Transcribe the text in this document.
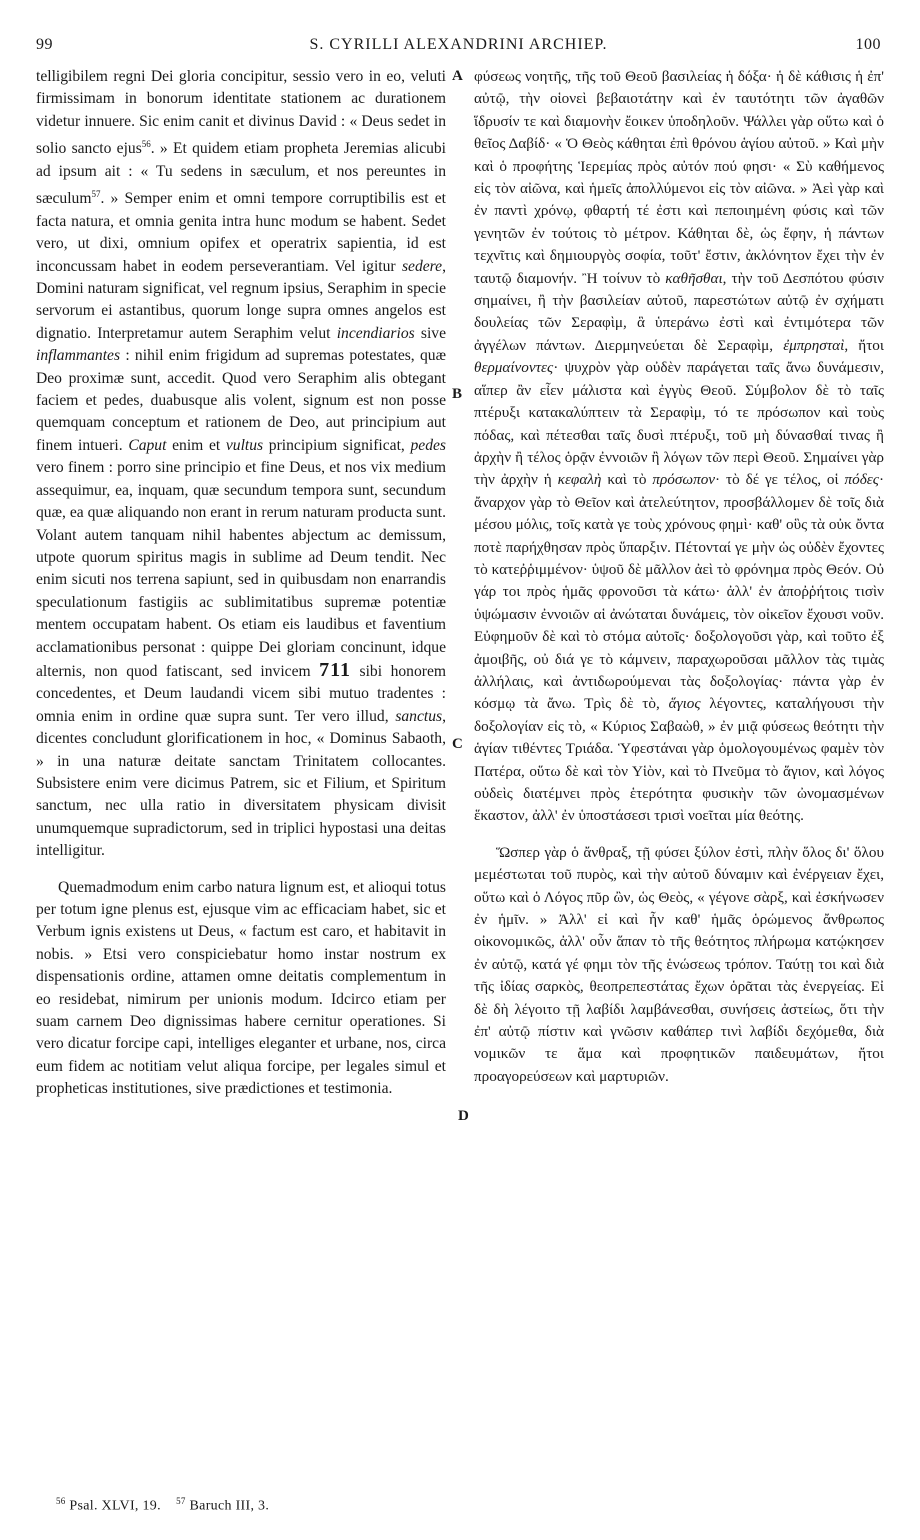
99	S. CYRILLI ALEXANDRINI ARCHIEP.	100

telligibilem regni Dei gloria concipitur, sessio vero in eo, veluti firmissimam in bonorum identitate stationem ac durationem videtur innuere. Sic enim canit et divinus David : « Deus sedet in solio sancto ejus$^{56}$. » Et quidem etiam propheta Jeremias alicubi ad ipsum ait : « Tu sedens in sæculum, et nos pereuntes in sæculum$^{57}$. » Semper enim et omni tempore corruptibilis est et facta natura, et omnia genita intra hunc modum se habent. Sedet vero, ut dixi, omnium opifex et operatrix sapientia, id est inconcussam habet in eodem perseverantiam. Vel igitur sedere, Domini naturam significat, vel regnum ipsius, Seraphim in specie servorum ei astantibus, quorum longe supra omnes angelos est dignatio. Interpretamur autem Seraphim velut incendiarios sive inflammantes : nihil enim frigidum ad supremas potestates, quæ Deo proximæ sunt, accedit. Quod vero Seraphim alis obtegant faciem et pedes, duabusque alis volent, signum est non posse quemquam conceptum et rationem de Deo, aut principium aut finem intueri. Caput enim et vultus principium significat, pedes vero finem : porro sine principio et fine Deus, et nos vix medium assequimur, ea, inquam, quæ secundum tempora sunt, secundum quæ, ea quæ aliquando non erant in rerum naturam producta sunt. Volant autem tanquam nihil habentes abjectum ac demissum, utpote quorum spiritus magis in sublime ad Deum tendit. Nec enim sicuti nos terrena sapiunt, sed in quibusdam non enarrandis speculationum fastigiis ac sublimitatibus supremæ potentiæ mentem occupatam habent. Os etiam eis laudibus et faventium acclamationibus personat : quippe Dei gloriam concinunt, idque alternis, non quod fatiscant, sed invicem 711 sibi honorem concedentes, et Deum laudandi vicem sibi mutuo tradentes : omnia enim in ordine quæ supra sunt. Ter vero illud, sanctus, dicentes concludunt glorificationem in hoc, « Dominus Sabaoth, » in una naturæ deitate sanctam Trinitatem collocantes. Subsistere enim vere dicimus Patrem, sic et Filium, et Spiritum sanctum, nec ulla ratio in diversitatem physicam divisit unumquemque supradictorum, sed in triplici hypostasi una deitas intelligitur.

Quemadmodum enim carbo natura lignum est, et alioqui totus per totum igne plenus est, ejusque vim ac efficaciam habet, sic et Verbum ignis existens ut Deus, « factum est caro, et habitavit in nobis. » Etsi vero conspiciebatur homo instar nostrum ex dispensationis ordine, attamen omne deitatis complementum in eo residebat, nimirum per unionis modum. Idcirco etiam per suam carnem Deo dignissimas habere cernitur operationes. Si vero dicatur forcipe capi, intelliges eleganter et urbane, nos, circa eum fidem ac notitiam velut aliqua forcipe, per legales simul et propheticas institutiones, sive prædictiones et testimonia.

A
B
C
D

φύσεως νοητῆς, τῆς τοῦ Θεοῦ βασιλείας ἡ δόξα· ἡ δὲ κάθισις ἡ ἐπ' αὐτῷ, τὴν οἱονεὶ βεβαιοτάτην καὶ ἐν ταυτότητι τῶν ἀγαθῶν ἵδρυσίν τε καὶ διαμονὴν ἔοικεν ὑποδηλοῦν. Ψάλλει γὰρ οὕτω καὶ ὁ θεῖος Δαβίδ· « Ὁ Θεὸς κάθηται ἐπὶ θρόνου ἁγίου αὐτοῦ. » Καὶ μὴν καὶ ὁ προφήτης Ἱερεμίας πρὸς αὐτόν πού φησι· « Σὺ καθήμενος εἰς τὸν αἰῶνα, καὶ ἡμεῖς ἀπολλύμενοι εἰς τὸν αἰῶνα. » Ἀεὶ γὰρ καὶ ἐν παντὶ χρόνῳ, φθαρτή τέ ἐστι καὶ πεποιημένη φύσις καὶ τῶν γενητῶν ἐν τούτοις τὸ μέτρον. Κάθηται δὲ, ὡς ἔφην, ἡ πάντων τεχνῖτις καὶ δημιουργὸς σοφία, τοῦτ' ἔστιν, ἀκλόνητον ἔχει τὴν ἐν ταυτῷ διαμονήν. Ἢ τοίνυν τὸ καθῆσθαι, τὴν τοῦ Δεσπότου φύσιν σημαίνει, ἢ τὴν βασιλείαν αὐτοῦ, παρεστώτων αὐτῷ ἐν σχήματι δουλείας τῶν Σεραφὶμ, ἃ ὑπεράνω ἐστὶ καὶ ἐντιμότερα τῶν ἀγγέλων πάντων. Διερμηνεύεται δὲ Σεραφὶμ, ἐμπρησταὶ, ἤτοι θερμαίνοντες· ψυχρὸν γὰρ οὐδὲν παράγεται ταῖς ἄνω δυνάμεσιν, αἵπερ ἂν εἶεν μάλιστα καὶ ἐγγὺς Θεοῦ. Σύμβολον δὲ τὸ ταῖς πτέρυξι κατακαλύπτειν τὰ Σεραφὶμ, τό τε πρόσωπον καὶ τοὺς πόδας, καὶ πέτεσθαι ταῖς δυσὶ πτέρυξι, τοῦ μὴ δύνασθαί τινας ἢ ἀρχὴν ἢ τέλος ὁρᾷν ἐννοιῶν ἢ λόγων τῶν περὶ Θεοῦ. Σημαίνει γὰρ τὴν ἀρχὴν ἡ κεφαλὴ καὶ τὸ πρόσωπον· τὸ δέ γε τέλος, οἱ πόδες· ἄναρχον γὰρ τὸ Θεῖον καὶ ἀτελεύτητον, προσβάλλομεν δὲ τοῖς διὰ μέσου μόλις, τοῖς κατὰ γε τοὺς χρόνους φημὶ· καθ' οὓς τὰ οὐκ ὄντα ποτὲ παρήχθησαν πρὸς ὕπαρξιν. Πέτονταί γε μὴν ὡς οὐδὲν ἔχοντες τὸ κατεῤῥιμμένον· ὑψοῦ δὲ μᾶλλον ἀεὶ τὸ φρόνημα πρὸς Θεόν. Οὐ γάρ τοι πρὸς ἡμᾶς φρονοῦσι τὰ κάτω· ἀλλ' ἐν ἀποῤῥήτοις τισὶν ὑψώμασιν ἐννοιῶν αἱ ἀνώταται δυνάμεις, τὸν οἰκεῖον ἔχουσι νοῦν. Εὐφημοῦν δὲ καὶ τὸ στόμα αὐτοῖς· δοξολογοῦσι γὰρ, καὶ τοῦτο ἐξ ἀμοιβῆς, οὐ διά γε τὸ κάμνειν, παραχωροῦσαι μᾶλλον τὰς τιμὰς ἀλλήλαις, καὶ ἀντιδωρούμεναι τὰς δοξολογίας· πάντα γὰρ ἐν κόσμῳ τὰ ἄνω. Τρὶς δὲ τὸ, ἅγιος λέγοντες, καταλήγουσι τὴν δοξολογίαν εἰς τὸ, « Κύριος Σαβαὼθ, » ἐν μιᾷ φύσεως θεότητι τὴν ἁγίαν τιθέντες Τριάδα. Ὑφεστάναι γὰρ ὁμολογουμένως φαμὲν τὸν Πατέρα, οὕτω δὲ καὶ τὸν Υἱὸν, καὶ τὸ Πνεῦμα τὸ ἅγιον, καὶ λόγος οὐδεὶς διατέμνει πρὸς ἑτερότητα φυσικὴν τῶν ὠνομασμένων ἕκαστον, ἀλλ' ἐν ὑποστάσεσι τρισὶ νοεῖται μία θεότης.

Ὥσπερ γὰρ ὁ ἄνθραξ, τῇ φύσει ξύλον ἐστὶ, πλὴν ὅλος δι' ὅλου μεμέστωται τοῦ πυρὸς, καὶ τὴν αὐτοῦ δύναμιν καὶ ἐνέργειαν ἔχει, οὕτω καὶ ὁ Λόγος πῦρ ὢν, ὡς Θεὸς, « γέγονε σὰρξ, καὶ ἐσκήνωσεν ἐν ἡμῖν. » Ἀλλ' εἰ καὶ ἦν καθ' ἡμᾶς ὁρώμενος ἄνθρωπος οἰκονομικῶς, ἀλλ' οὖν ἅπαν τὸ τῆς θεότητος πλήρωμα κατῴκησεν ἐν αὐτῷ, κατά γέ φημι τὸν τῆς ἑνώσεως τρόπον. Ταύτῃ τοι καὶ διὰ τῆς ἰδίας σαρκὸς, θεοπρεπεστάτας ἔχων ὁρᾶται τὰς ἐνεργείας. Εἰ δὲ δὴ λέγοιτο τῇ λαβίδι λαμβάνεσθαι, συνήσεις ἀστείως, ὅτι τὴν ἐπ' αὐτῷ πίστιν καὶ γνῶσιν καθάπερ τινὶ λαβίδι δεχόμεθα, διὰ νομικῶν τε ἅμα καὶ προφητικῶν παιδευμάτων, ἤτοι προαγορεύσεων καὶ μαρτυριῶν.

$^{56}$ Psal. XLVI, 19. $^{57}$ Baruch III, 3.
